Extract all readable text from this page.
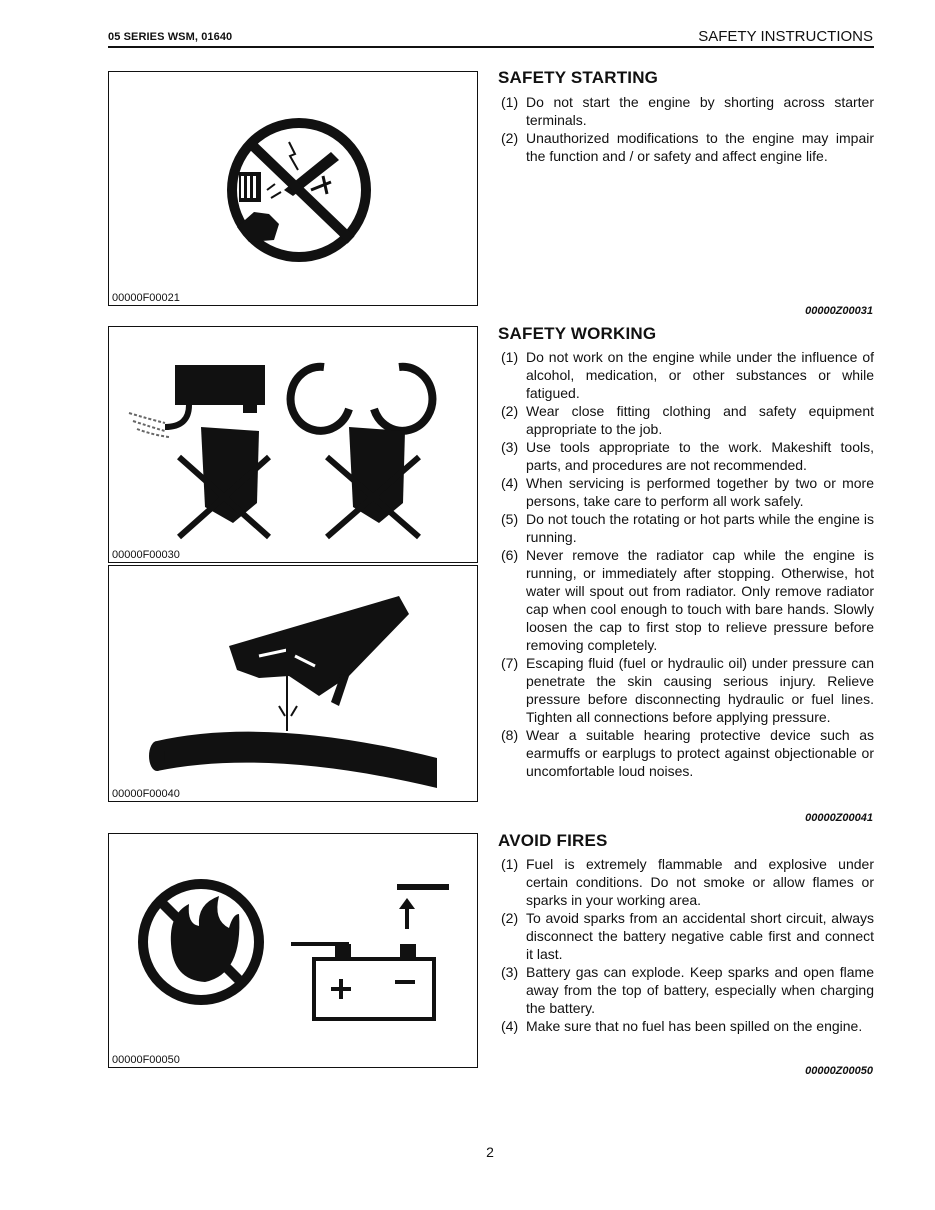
05 SERIES WSM, 01640	SAFETY INSTRUCTIONS
00000F00021
00000F00030
00000F00040
00000F00050
SAFETY STARTING
(1) Do not start the engine by shorting across starter terminals.
(2) Unauthorized modifications to the engine may impair the function and / or safety and affect engine life.
00000Z00031
SAFETY WORKING
(1) Do not work on the engine while under the influence of alcohol, medication, or other substances or while fatigued.
(2) Wear close fitting clothing and safety equipment appropriate to the job.
(3) Use tools appropriate to the work. Makeshift tools, parts, and procedures are not recommended.
(4) When servicing is performed together by two or more persons, take care to perform all work safely.
(5) Do not touch the rotating or hot parts while the engine is running.
(6) Never remove the radiator cap while the engine is running, or immediately after stopping. Otherwise, hot water will spout out from radiator. Only remove radiator cap when cool enough to touch with bare hands. Slowly loosen the cap to first stop to relieve pressure before removing completely.
(7) Escaping fluid (fuel or hydraulic oil) under pressure can penetrate the skin causing serious injury. Relieve pressure before disconnecting hydraulic or fuel lines. Tighten all connections before applying pressure.
(8) Wear a suitable hearing protective device such as earmuffs or earplugs to protect against objectionable or uncomfortable loud noises.
00000Z00041
AVOID FIRES
(1) Fuel is extremely flammable and explosive under certain conditions. Do not smoke or allow flames or sparks in your working area.
(2) To avoid sparks from an accidental short circuit, always disconnect the battery negative cable first and connect it last.
(3) Battery gas can explode. Keep sparks and open flame away from the top of battery, especially when charging the battery.
(4) Make sure that no fuel has been spilled on the engine.
00000Z00050
2
